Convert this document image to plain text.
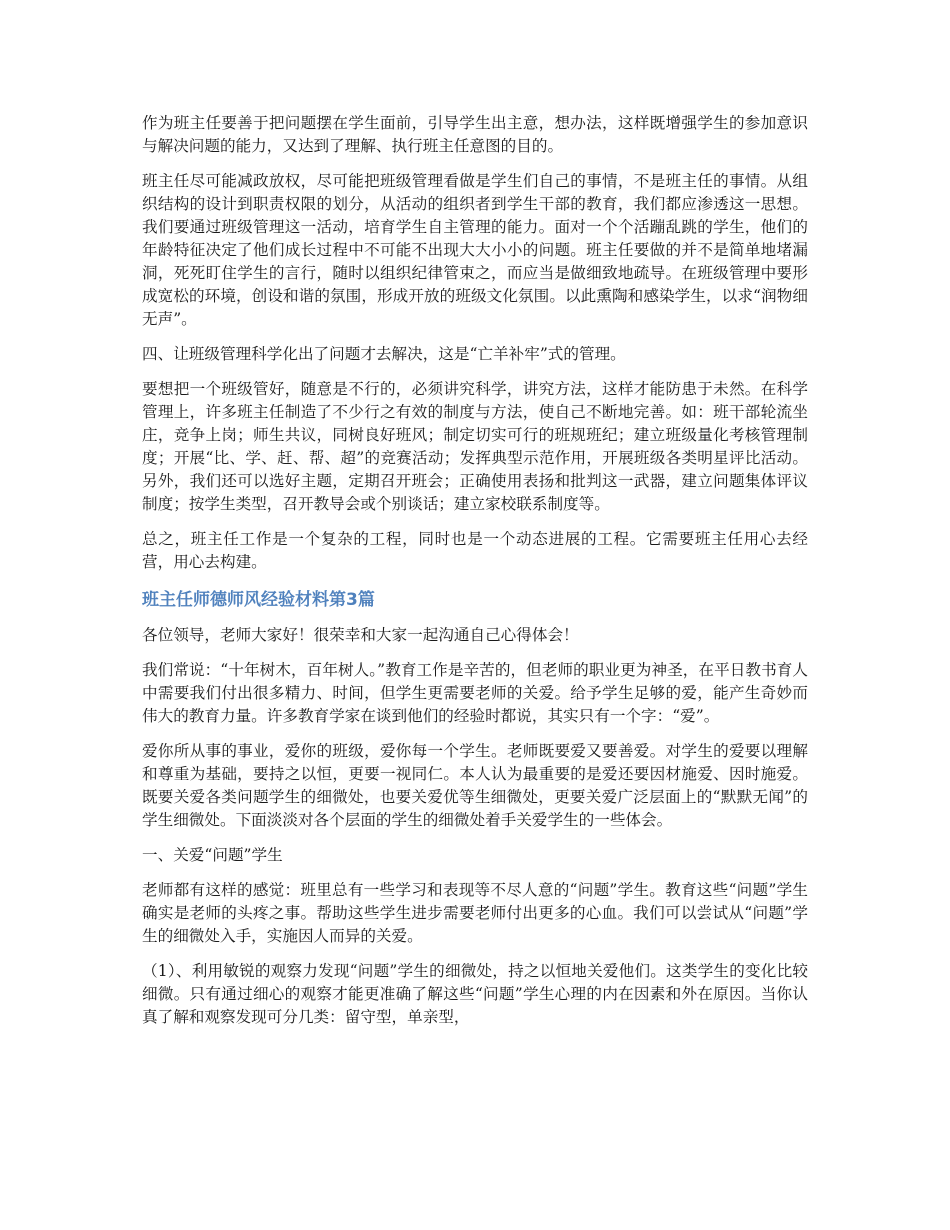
作为班主任要善于把问题摆在学生面前，引导学生出主意，想办法，这样既增强学生的参加意识与解决问题的能力，又达到了理解、执行班主任意图的目的。

班主任尽可能减政放权，尽可能把班级管理看做是学生们自己的事情，不是班主任的事情。从组织结构的设计到职责权限的划分，从活动的组织者到学生干部的教育，我们都应渗透这一思想。我们要通过班级管理这一活动，培育学生自主管理的能力。面对一个个活蹦乱跳的学生，他们的年龄特征决定了他们成长过程中不可能不出现大大小小的问题。班主任要做的并不是简单地堵漏洞，死死盯住学生的言行，随时以组织纪律管束之，而应当是做细致地疏导。在班级管理中要形成宽松的环境，创设和谐的氛围，形成开放的班级文化氛围。以此熏陶和感染学生，以求“润物细无声”。

四、让班级管理科学化出了问题才去解决，这是“亡羊补牢”式的管理。

要想把一个班级管好，随意是不行的，必须讲究科学，讲究方法，这样才能防患于未然。在科学管理上，许多班主任制造了不少行之有效的制度与方法，使自己不断地完善。如：班干部轮流坐庄，竞争上岗；师生共议，同树良好班风；制定切实可行的班规班纪；建立班级量化考核管理制度；开展“比、学、赶、帮、超”的竞赛活动；发挥典型示范作用，开展班级各类明星评比活动。另外，我们还可以选好主题，定期召开班会；正确使用表扬和批判这一武器，建立问题集体评议制度；按学生类型，召开教导会或个别谈话；建立家校联系制度等。

总之，班主任工作是一个复杂的工程，同时也是一个动态进展的工程。它需要班主任用心去经营，用心去构建。

班主任师德师风经验材料第3篇

各位领导，老师大家好！很荣幸和大家一起沟通自己心得体会！

我们常说：“十年树木，百年树人。”教育工作是辛苦的，但老师的职业更为神圣，在平日教书育人中需要我们付出很多精力、时间，但学生更需要老师的关爱。给予学生足够的爱，能产生奇妙而伟大的教育力量。许多教育学家在谈到他们的经验时都说，其实只有一个字：“爱”。

爱你所从事的事业，爱你的班级，爱你每一个学生。老师既要爱又要善爱。对学生的爱要以理解和尊重为基础，要持之以恒，更要一视同仁。本人认为最重要的是爱还要因材施爱、因时施爱。既要关爱各类问题学生的细微处，也要关爱优等生细微处，更要关爱广泛层面上的“默默无闻”的学生细微处。下面淡淡对各个层面的学生的细微处着手关爱学生的一些体会。

一、关爱“问题”学生

老师都有这样的感觉：班里总有一些学习和表现等不尽人意的“问题”学生。教育这些“问题”学生确实是老师的头疼之事。帮助这些学生进步需要老师付出更多的心血。我们可以尝试从“问题”学生的细微处入手，实施因人而异的关爱。

（1）、利用敏锐的观察力发现“问题”学生的细微处，持之以恒地关爱他们。这类学生的变化比较细微。只有通过细心的观察才能更准确了解这些“问题”学生心理的内在因素和外在原因。当你认真了解和观察发现可分几类：留守型，单亲型，
